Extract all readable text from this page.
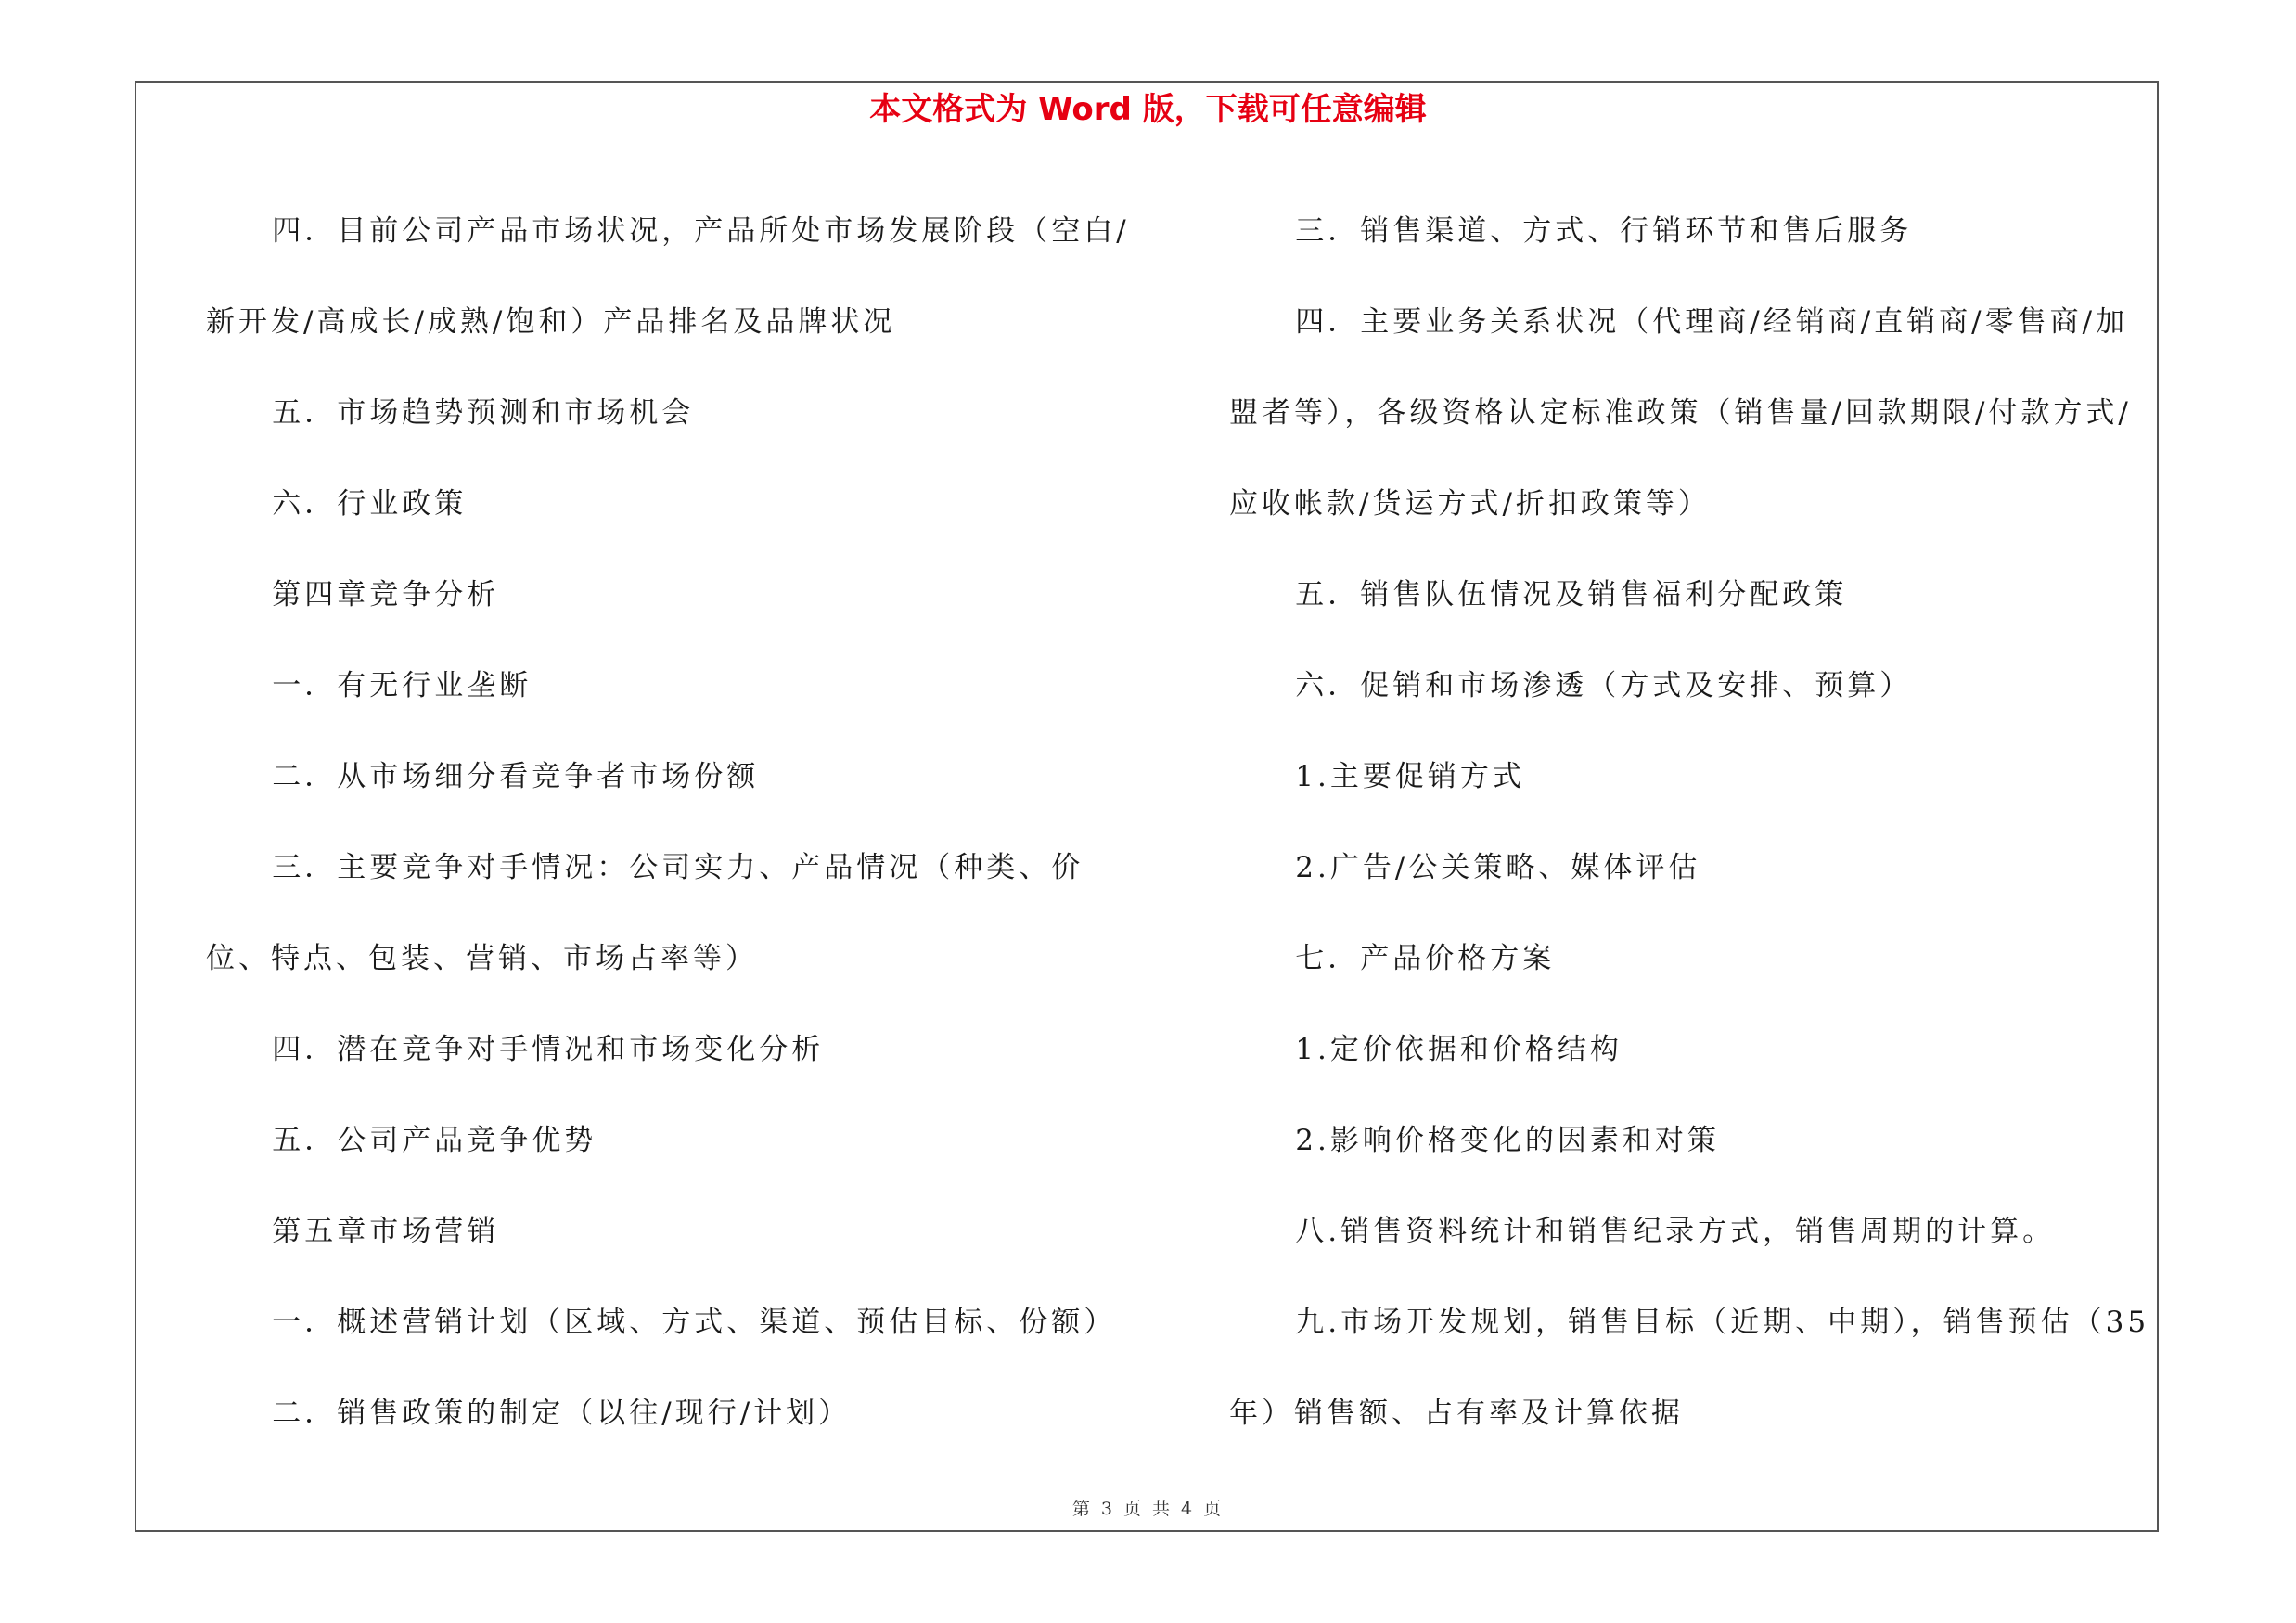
本文格式为 Word 版，下载可任意编辑

四．目前公司产品市场状况，产品所处市场发展阶段（空白/新开发/高成长/成熟/饱和）产品排名及品牌状况

五．市场趋势预测和市场机会

六．行业政策

第四章竞争分析

一．有无行业垄断

二．从市场细分看竞争者市场份额

三．主要竞争对手情况：公司实力、产品情况（种类、价位、特点、包装、营销、市场占率等）

四．潜在竞争对手情况和市场变化分析

五．公司产品竞争优势

第五章市场营销

一．概述营销计划（区域、方式、渠道、预估目标、份额）

二．销售政策的制定（以往/现行/计划）

三．销售渠道、方式、行销环节和售后服务

四．主要业务关系状况（代理商/经销商/直销商/零售商/加盟者等），各级资格认定标准政策（销售量/回款期限/付款方式/应收帐款/货运方式/折扣政策等）

五．销售队伍情况及销售福利分配政策

六．促销和市场渗透（方式及安排、预算）

1.主要促销方式

2.广告/公关策略、媒体评估

七．产品价格方案

1.定价依据和价格结构

2.影响价格变化的因素和对策

八.销售资料统计和销售纪录方式，销售周期的计算。

九.市场开发规划，销售目标（近期、中期），销售预估（35年）销售额、占有率及计算依据

第 3 页 共 4 页
